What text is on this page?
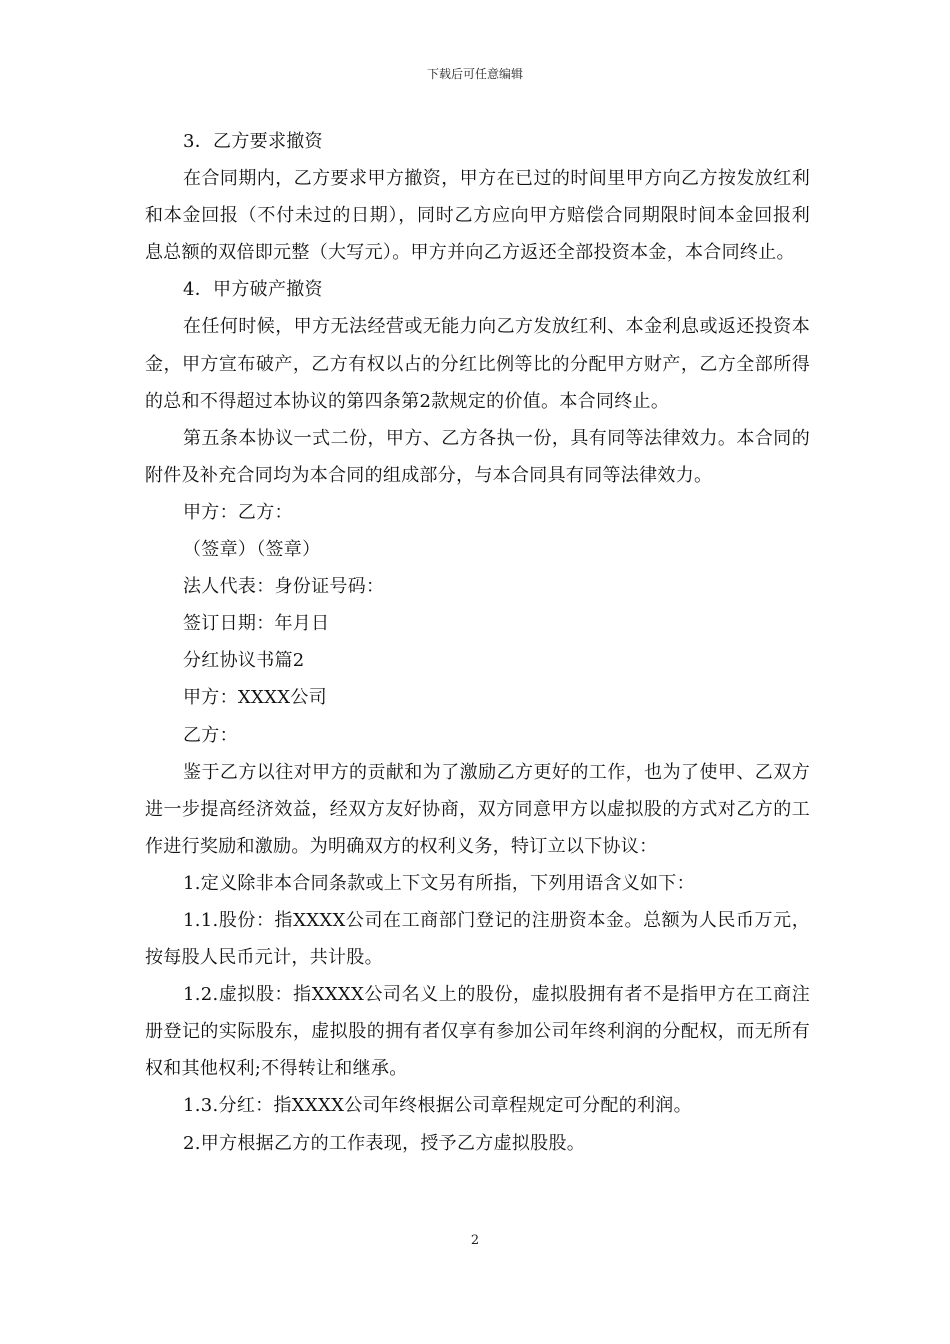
下载后可任意编辑

3．乙方要求撤资

在合同期内，乙方要求甲方撤资，甲方在已过的时间里甲方向乙方按发放红利和本金回报（不付未过的日期），同时乙方应向甲方赔偿合同期限时间本金回报利息总额的双倍即元整（大写元）。甲方并向乙方返还全部投资本金，本合同终止。

4．甲方破产撤资

在任何时候，甲方无法经营或无能力向乙方发放红利、本金利息或返还投资本金，甲方宣布破产，乙方有权以占的分红比例等比的分配甲方财产，乙方全部所得的总和不得超过本协议的第四条第2款规定的价值。本合同终止。

第五条本协议一式二份，甲方、乙方各执一份，具有同等法律效力。本合同的附件及补充合同均为本合同的组成部分，与本合同具有同等法律效力。

甲方：乙方：

（签章）（签章）

法人代表：身份证号码：

签订日期：年月日

分红协议书篇2

甲方：XXXX公司

乙方：

鉴于乙方以往对甲方的贡献和为了激励乙方更好的工作，也为了使甲、乙双方进一步提高经济效益，经双方友好协商，双方同意甲方以虚拟股的方式对乙方的工作进行奖励和激励。为明确双方的权利义务，特订立以下协议：

1.定义除非本合同条款或上下文另有所指，下列用语含义如下：

1.1.股份：指XXXX公司在工商部门登记的注册资本金。总额为人民币万元，按每股人民币元计，共计股。

1.2.虚拟股：指XXXX公司名义上的股份，虚拟股拥有者不是指甲方在工商注册登记的实际股东，虚拟股的拥有者仅享有参加公司年终利润的分配权，而无所有权和其他权利;不得转让和继承。

1.3.分红：指XXXX公司年终根据公司章程规定可分配的利润。

2.甲方根据乙方的工作表现，授予乙方虚拟股股。

2
